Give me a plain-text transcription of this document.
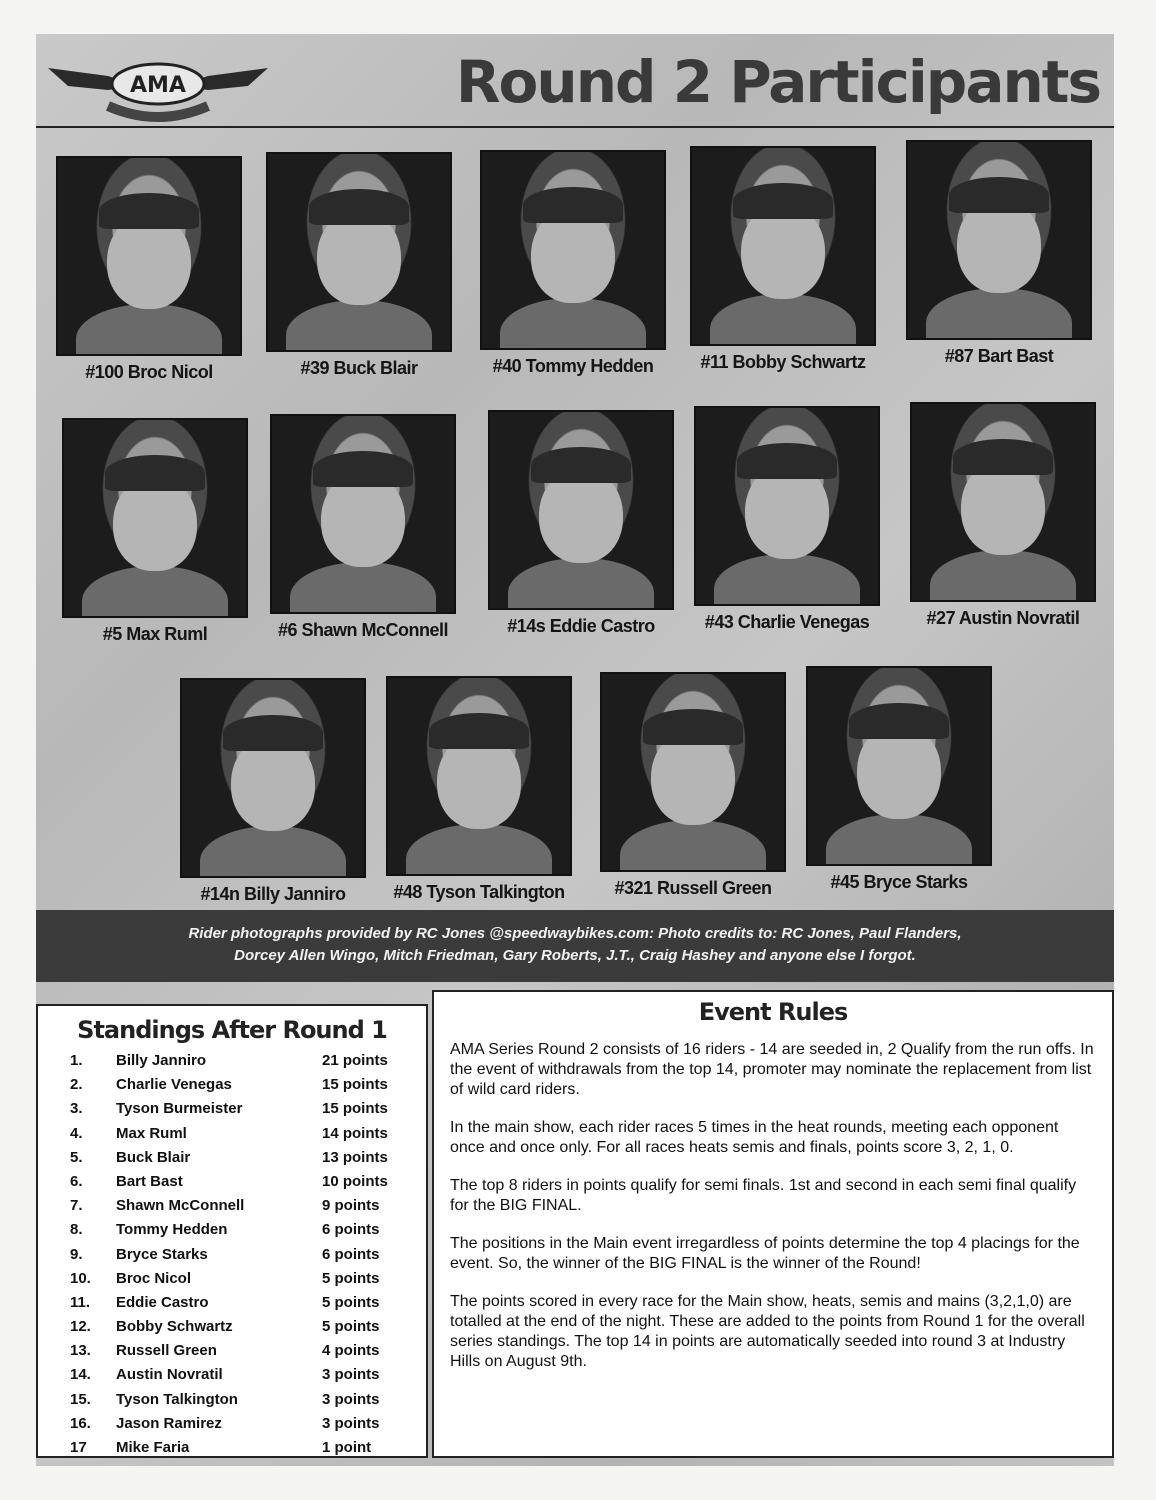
AMA	Round 2 Participants
#100 Broc Nicol	#39 Buck Blair	#40 Tommy Hedden	#11 Bobby Schwartz	#87 Bart Bast
#5 Max Ruml	#6 Shawn McConnell	#14s Eddie Castro	#43 Charlie Venegas	#27 Austin Novratil
#14n Billy Janniro	#48 Tyson Talkington	#321 Russell Green	#45 Bryce Starks
Rider photographs provided by RC Jones @speedwaybikes.com: Photo credits to: RC Jones, Paul Flanders,
Dorcey Allen Wingo, Mitch Friedman, Gary Roberts, J.T., Craig Hashey and anyone else I forgot.
Standings After Round 1
1. Billy Janniro	21 points
2. Charlie Venegas	15 points
3. Tyson Burmeister	15 points
4. Max Ruml	14 points
5. Buck Blair	13 points
6. Bart Bast	10 points
7. Shawn McConnell	9 points
8. Tommy Hedden	6 points
9. Bryce Starks	6 points
10. Broc Nicol	5 points
11. Eddie Castro	5 points
12. Bobby Schwartz	5 points
13. Russell Green	4 points
14. Austin Novratil	3 points
15. Tyson Talkington	3 points
16. Jason Ramirez	3 points
17 Mike Faria	1 point
Event Rules

AMA Series Round 2 consists of 16 riders - 14 are seeded in, 2 Qualify from the run offs. In the event of withdrawals from the top 14, promoter may nominate the replacement from list of wild card riders.

In the main show, each rider races 5 times in the heat rounds, meeting each opponent once and once only. For all races heats semis and finals, points score 3, 2, 1, 0.

The top 8 riders in points qualify for semi finals. 1st and second in each semi final qualify for the BIG FINAL.

The positions in the Main event irregardless of points determine the top 4 placings for the event. So, the winner of the BIG FINAL is the winner of the Round!

The points scored in every race for the Main show, heats, semis and mains (3,2,1,0) are totalled at the end of the night. These are added to the points from Round 1 for the overall series standings. The top 14 in points are automatically seeded into round 3 at Industry Hills on August 9th.
